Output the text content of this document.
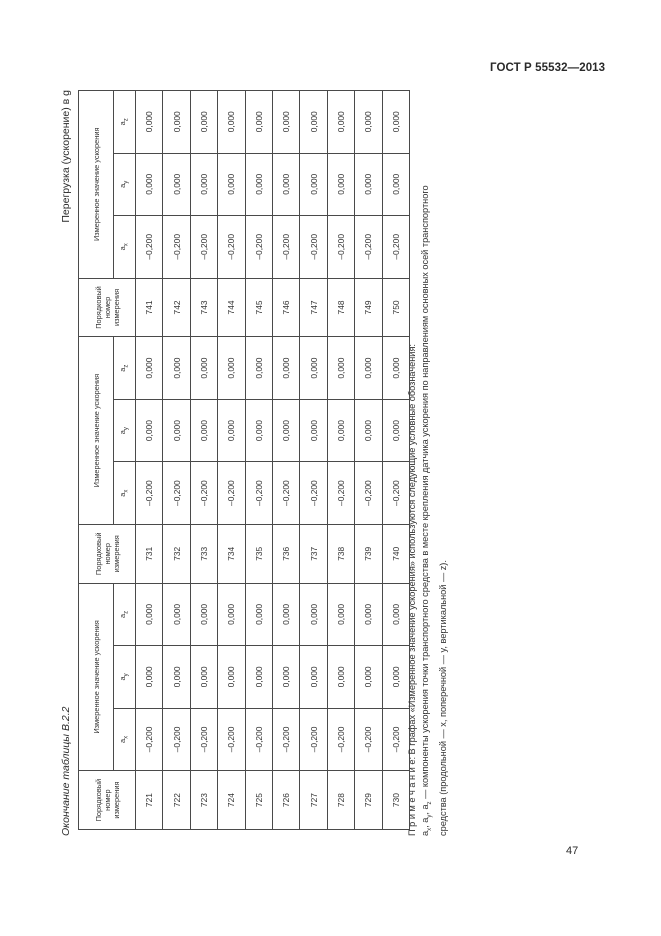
ГОСТ Р 55532—2013
47
Окончание таблицы В.2.2
Перегрузка (ускорение) в g
Порядковый номер измерения	Измеренное значение ускорения			Порядковый номер измерения	Измеренное значение ускорения			Порядковый номер измерения	Измеренное значение ускорения		
	$a_x$	$a_y$	$a_z$		$a_x$	$a_y$	$a_z$		$a_x$	$a_y$	$a_z$
721	–0,200	0,000	0,000	731	–0,200	0,000	0,000	741	–0,200	0,000	0,000
722	–0,200	0,000	0,000	732	–0,200	0,000	0,000	742	–0,200	0,000	0,000
723	–0,200	0,000	0,000	733	–0,200	0,000	0,000	743	–0,200	0,000	0,000
724	–0,200	0,000	0,000	734	–0,200	0,000	0,000	744	–0,200	0,000	0,000
725	–0,200	0,000	0,000	735	–0,200	0,000	0,000	745	–0,200	0,000	0,000
726	–0,200	0,000	0,000	736	–0,200	0,000	0,000	746	–0,200	0,000	0,000
727	–0,200	0,000	0,000	737	–0,200	0,000	0,000	747	–0,200	0,000	0,000
728	–0,200	0,000	0,000	738	–0,200	0,000	0,000	748	–0,200	0,000	0,000
729	–0,200	0,000	0,000	739	–0,200	0,000	0,000	749	–0,200	0,000	0,000
730	–0,200	0,000	0,000	740	–0,200	0,000	0,000	750	–0,200	0,000	0,000

П р и м е ч а н и е: В графах «Измеренное значение ускорения» используются следующие условные обозначения: $a_x$, $a_y$, $a_z$ — компоненты ускорения точки транспортного средства в месте крепления датчика ускорения по направлениям основных осей транспортного средства (продольной — x, поперечной — y, вертикальной — z).
